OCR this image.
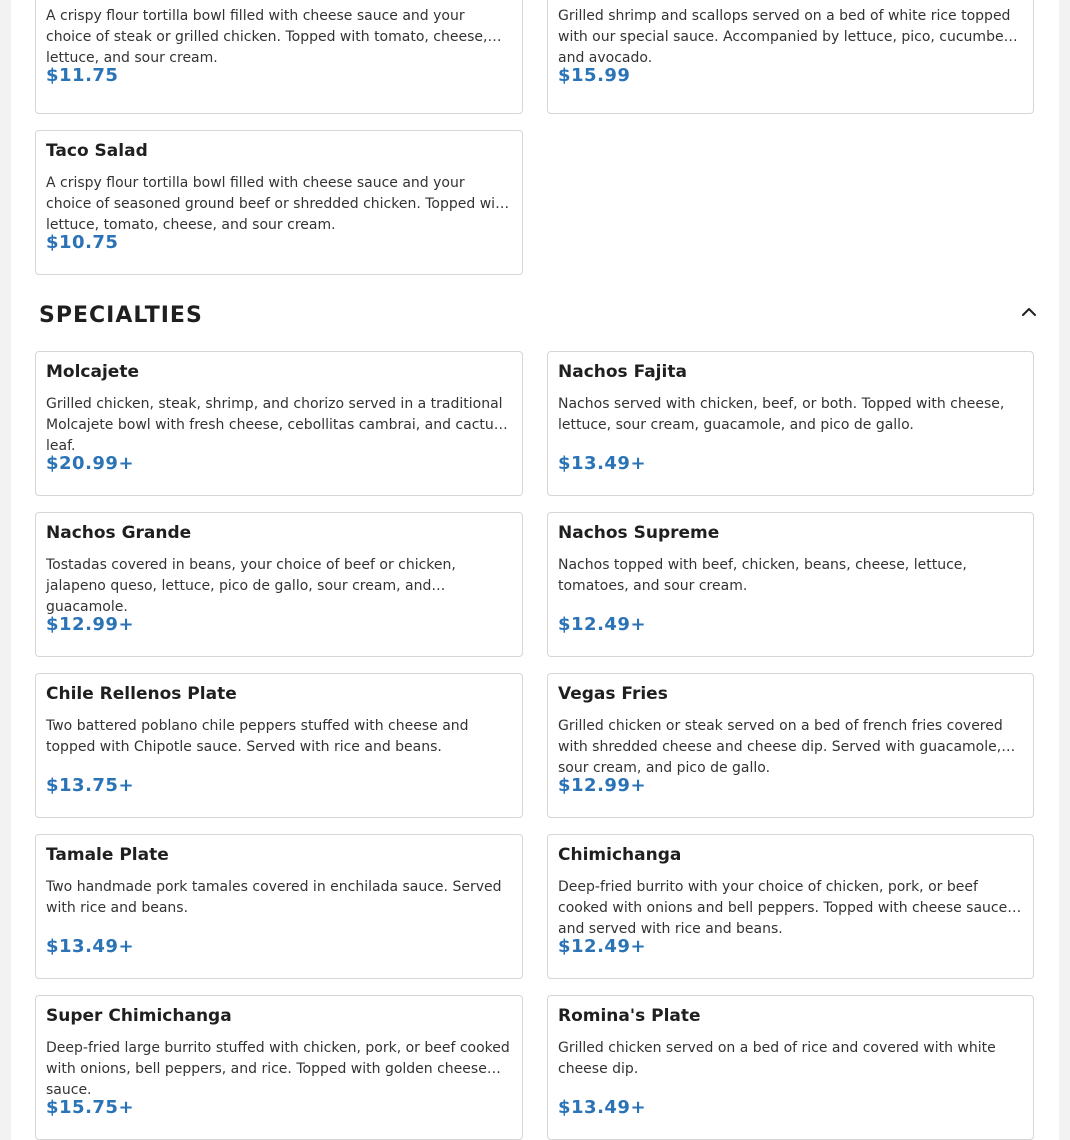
A crispy flour tortilla bowl filled with cheese sauce and your choice of steak or grilled chicken. Topped with tomato, cheese, lettuce, and sour cream.
$11.75
Grilled shrimp and scallops served on a bed of white rice topped with our special sauce. Accompanied by lettuce, pico, cucumber, and avocado.
$15.99
Taco Salad
A crispy flour tortilla bowl filled with cheese sauce and your choice of seasoned ground beef or shredded chicken. Topped with lettuce, tomato, cheese, and sour cream.
$10.75
SPECIALTIES
Molcajete
Grilled chicken, steak, shrimp, and chorizo served in a traditional Molcajete bowl with fresh cheese, cebollitas cambrai, and cactus leaf.
$20.99+
Nachos Fajita
Nachos served with chicken, beef, or both. Topped with cheese, lettuce, sour cream, guacamole, and pico de gallo.
$13.49+
Nachos Grande
Tostadas covered in beans, your choice of beef or chicken, jalapeno queso, lettuce, pico de gallo, sour cream, and guacamole.
$12.99+
Nachos Supreme
Nachos topped with beef, chicken, beans, cheese, lettuce, tomatoes, and sour cream.
$12.49+
Chile Rellenos Plate
Two battered poblano chile peppers stuffed with cheese and topped with Chipotle sauce. Served with rice and beans.
$13.75+
Vegas Fries
Grilled chicken or steak served on a bed of french fries covered with shredded cheese and cheese dip. Served with guacamole, sour cream, and pico de gallo.
$12.99+
Tamale Plate
Two handmade pork tamales covered in enchilada sauce. Served with rice and beans.
$13.49+
Chimichanga
Deep-fried burrito with your choice of chicken, pork, or beef cooked with onions and bell peppers. Topped with cheese sauce and served with rice and beans.
$12.49+
Super Chimichanga
Deep-fried large burrito stuffed with chicken, pork, or beef cooked with onions, bell peppers, and rice. Topped with golden cheese sauce.
$15.75+
Romina's Plate
Grilled chicken served on a bed of rice and covered with white cheese dip.
$13.49+
